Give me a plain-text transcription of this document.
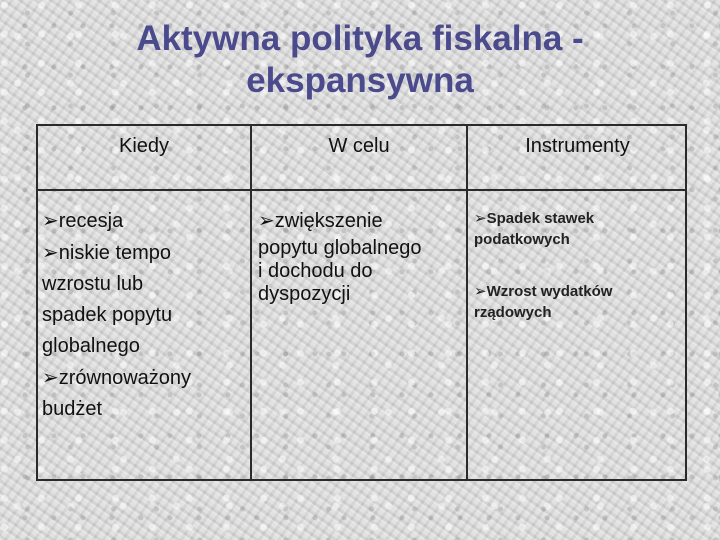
Aktywna polityka fiskalna -
ekspansywna
Kiedy	W celu	Instrumenty

➢recesja

➢niskie tempo

wzrostu lub

spadek popytu

globalnego

➢zrównoważony

budżet

➢zwiększenie

popytu globalnego

i dochodu do

dyspozycji

➢Spadek stawek

podatkowych

➢Wzrost wydatków

rządowych
